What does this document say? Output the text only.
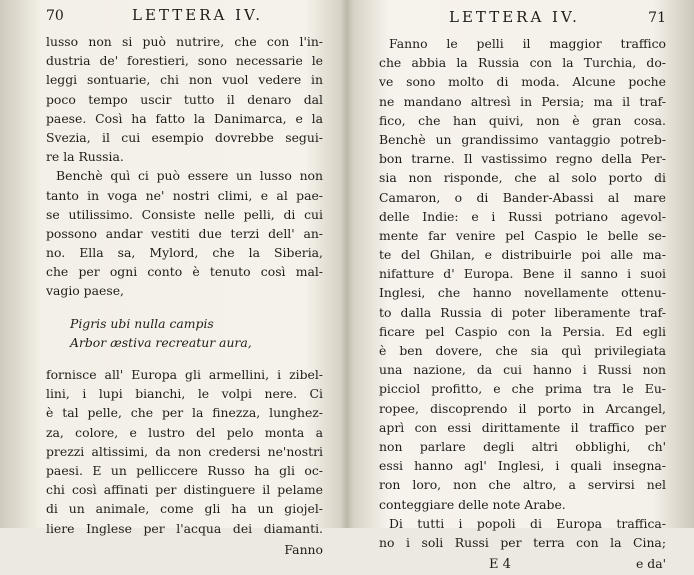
70	LETTERA IV.
lusso non si può nutrire, che con l'in-
dustria de' forestieri, sono necessarie le
leggi sontuarie, chi non vuol vedere in
poco tempo uscir tutto il denaro dal
paese. Così ha fatto la Danimarca, e la
Svezia, il cui esempio dovrebbe segui-
re la Russia.
Benchè quì ci può essere un lusso non
tanto in voga ne' nostri climi, e al pae-
se utilissimo. Consiste nelle pelli, di cui
possono andar vestiti due terzi dell' an-
no. Ella sa, Mylord, che la Siberia,
che per ogni conto è tenuto così mal-
vagio paese,
Pigris ubi nulla campis
Arbor æstiva recreatur aura,
fornisce all' Europa gli armellini, i zibel-
lini, i lupi bianchi, le volpi nere. Ci
è tal pelle, che per la finezza, lunghez-
za, colore, e lustro del pelo monta a
prezzi altissimi, da non credersi ne'nostri
paesi. E un pelliccere Russo ha gli oc-
chi così affinati per distinguere il pelame
di un animale, come gli ha un giojel-
liere Inglese per l'acqua dei diamanti.
Fanno
LETTERA IV.	71
Fanno le pelli il maggior traffico
che abbia la Russia con la Turchia, do-
ve sono molto di moda. Alcune poche
ne mandano altresì in Persia; ma il traf-
fico, che han quivi, non è gran cosa.
Benchè un grandissimo vantaggio potreb-
bon trarne. Il vastissimo regno della Per-
sia non risponde, che al solo porto di
Camaron, o di Bander-Abassi al mare
delle Indie: e i Russi potriano agevol-
mente far venire pel Caspio le belle se-
te del Ghilan, e distribuirle poi alle ma-
nifatture d' Europa. Bene il sanno i suoi
Inglesi, che hanno novellamente ottenu-
to dalla Russia di poter liberamente traf-
ficare pel Caspio con la Persia. Ed egli
è ben dovere, che sia quì privilegiata
una nazione, da cui hanno i Russi non
picciol profitto, e che prima tra le Eu-
ropee, discoprendo il porto in Arcangel,
aprì con essi dirittamente il traffico per
non parlare degli altri obblighi, ch'
essi hanno agl' Inglesi, i quali insegna-
ron loro, non che altro, a servirsi nel
conteggiare delle note Arabe.
Di tutti i popoli di Europa traffica-
no i soli Russi per terra con la Cina;
E 4	e da'
